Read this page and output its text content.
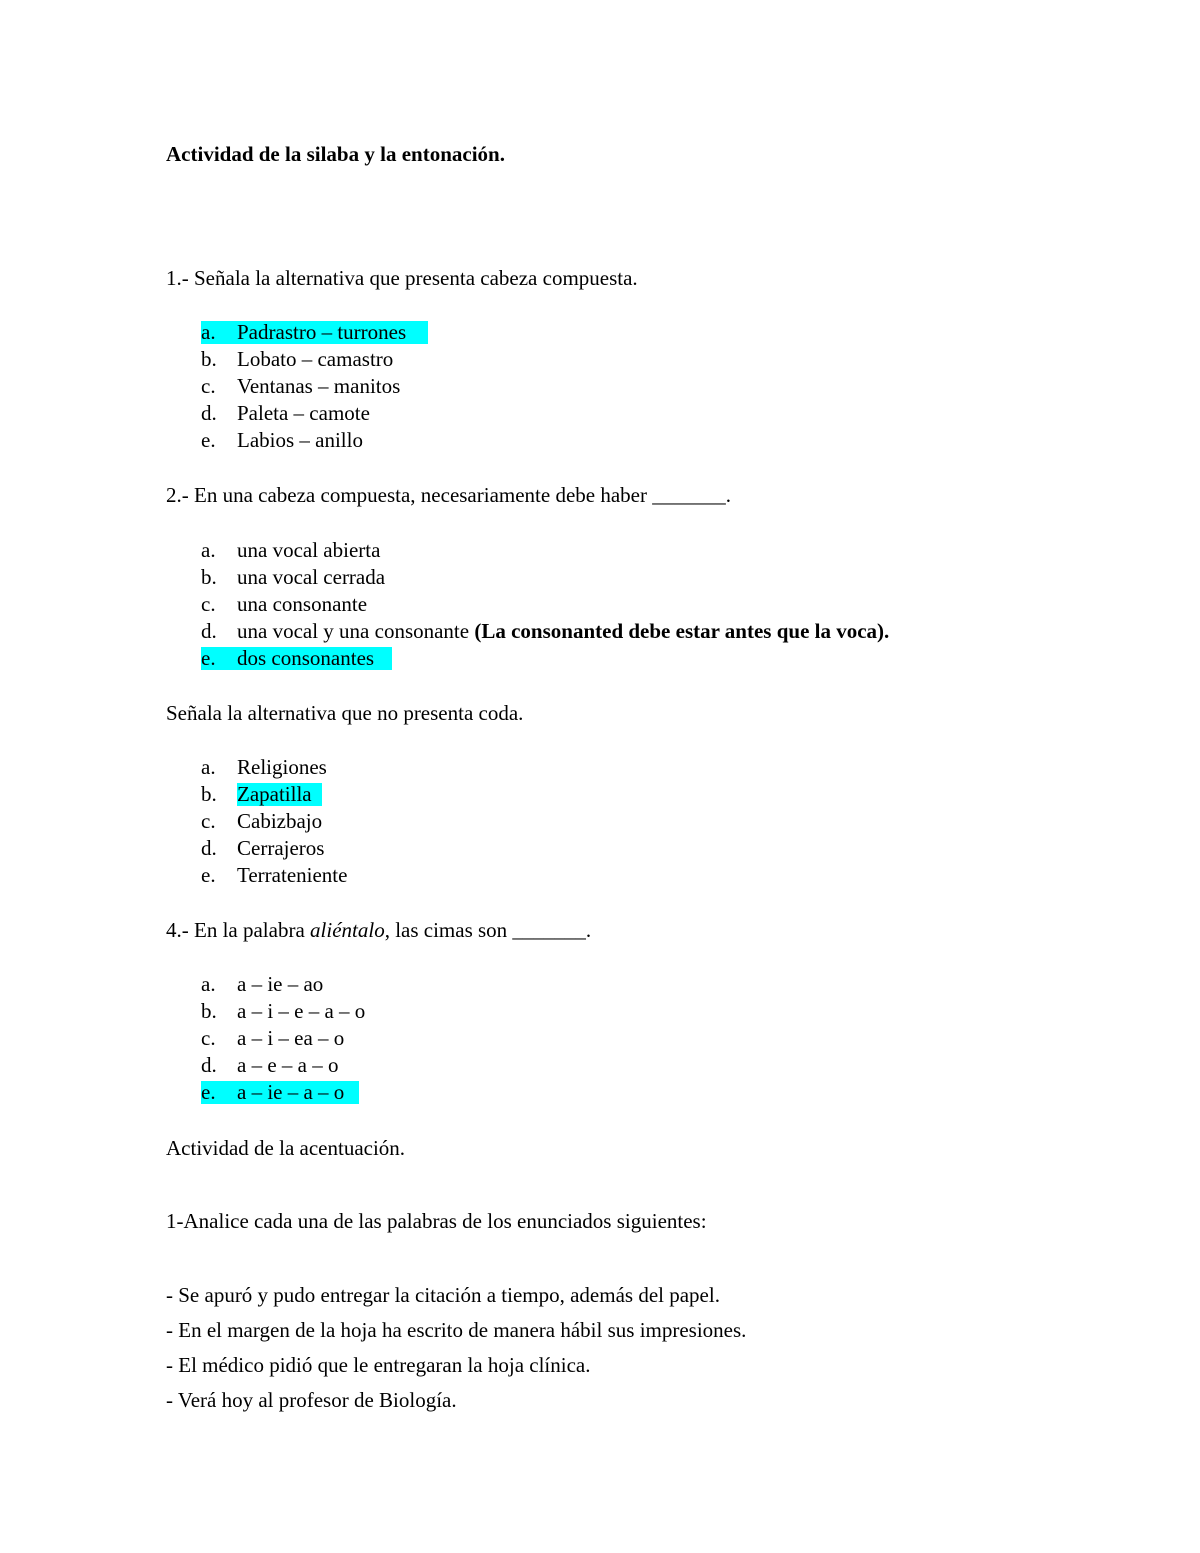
Actividad de la silaba y la entonación.
1.- Señala la alternativa que presenta cabeza compuesta.
a. Padrastro – turrones
b. Lobato – camastro
c. Ventanas – manitos
d. Paleta – camote
e. Labios – anillo
2.- En una cabeza compuesta, necesariamente debe haber _______.
a. una vocal abierta
b. una vocal cerrada
c. una consonante
d. una vocal y una consonante (La consonanted debe estar antes que la voca).
e. dos consonantes
Señala la alternativa que no presenta coda.
a. Religiones
b. Zapatilla
c. Cabizbajo
d. Cerrajeros
e. Terrateniente
4.- En la palabra aliéntalo, las cimas son _______.
a. a – ie – ao
b. a – i – e – a – o
c. a – i – ea – o
d. a – e – a – o
e. a – ie – a – o
Actividad de la acentuación.
1-Analice cada una de las palabras de los enunciados siguientes:
- Se apuró y pudo entregar la citación a tiempo, además del papel.
- En el margen de la hoja ha escrito de manera hábil sus impresiones.
- El médico pidió que le entregaran la hoja clínica.
- Verá hoy al profesor de Biología.
